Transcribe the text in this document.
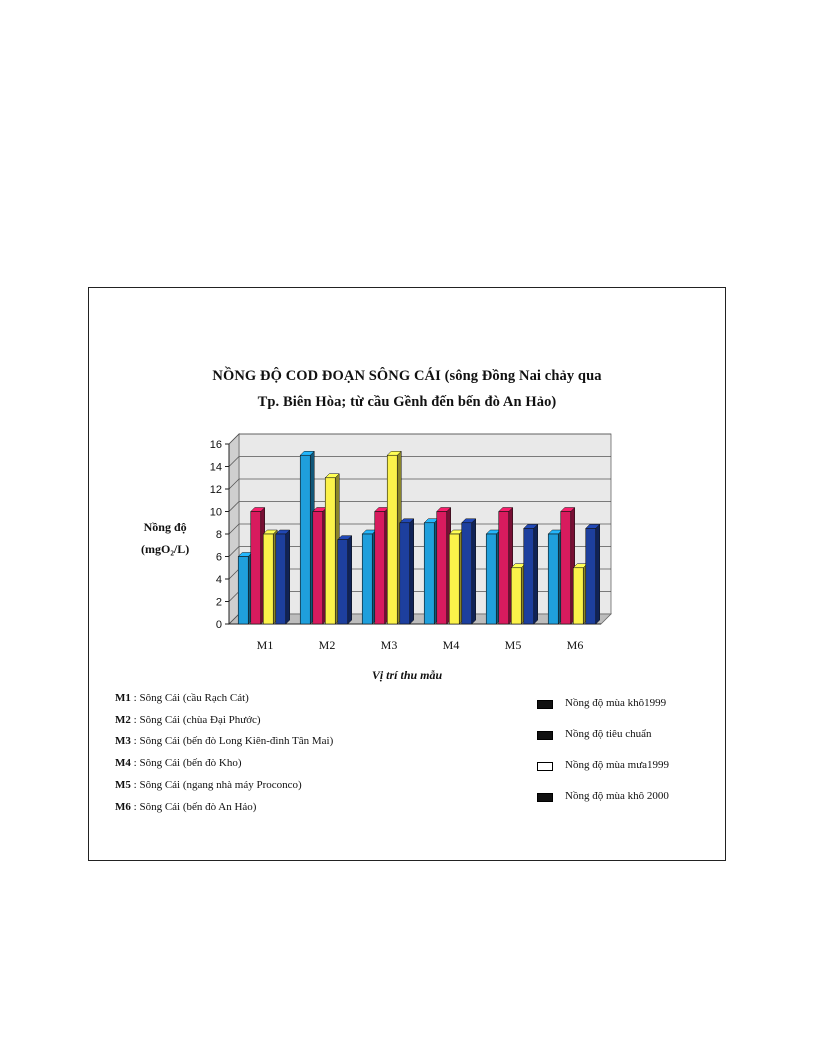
NỒNG ĐỘ COD ĐOẠN SÔNG CÁI (sông Đồng Nai chảy qua
Tp. Biên Hòa; từ cầu Gềnh đến bến đò An Hảo)
Nồng độ
(mgO₂/L)
0
2
4
6
8
10
12
14
16
M1	M2	M3	M4	M5	M6
Vị trí thu mẫu
M1 : Sông Cái (cầu Rạch Cát)
M2 : Sông Cái (chùa Đại Phước)
M3 : Sông Cái (bến đò Long Kiên-đình Tân Mai)
M4 : Sông Cái (bến đò Kho)
M5 : Sông Cái (ngang nhà máy Proconco)
M6 : Sông Cái (bến đò An Hảo)
Nồng độ mùa khô1999
Nồng độ tiêu chuẩn
Nồng độ mùa mưa1999
Nồng độ mùa khô 2000
